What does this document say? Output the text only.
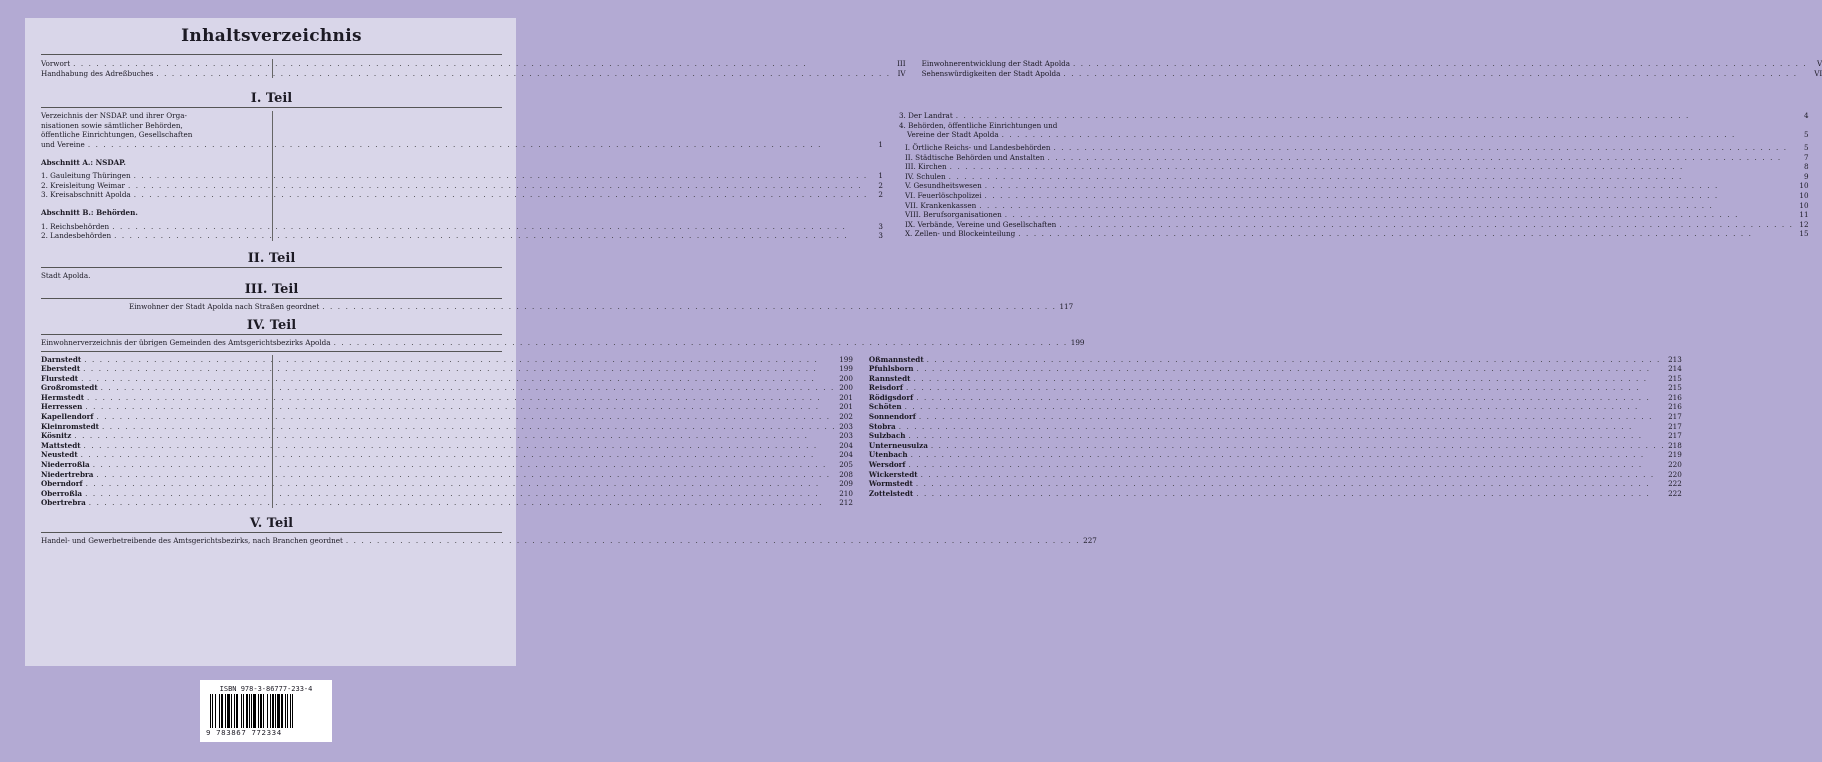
Inhaltsverzeichnis
Vorwort . . .	III
Handhabung des Adreßbuches . . .	IV
Einwohnerentwicklung der Stadt Apolda . . .	V
Sehenswürdigkeiten der Stadt Apolda . . .	VI
I. Teil
Verzeichnis der NSDAP. und ihrer Orga-
nisationen sowie sämtlicher Behörden,
öffentliche Einrichtungen, Gesellschaften
und Vereine . . .	1
Abschnitt A.: NSDAP.
1. Gauleitung Thüringen . . .	1
2. Kreisleitung Weimar . . .	2
3. Kreisabschnitt Apolda . . .	2
Abschnitt B.: Behörden.
1. Reichsbehörden . . .	3
2. Landesbehörden . . .	3
3. Der Landrat . . .	4
4. Behörden, öffentliche Einrichtungen und
Vereine der Stadt Apolda . . .	5
I. Örtliche Reichs- und Landesbehörden . . .	5
II. Städtische Behörden und Anstalten . . .	7
III. Kirchen . . .	8
IV. Schulen . . .	9
V. Gesundheitswesen . . .	10
VI. Feuerlöschpolizei . . .	10
VII. Krankenkassen . . .	10
VIII. Berufsorganisationen . . .	11
IX. Verbände, Vereine und Gesellschaften . . .	12
X. Zellen- und Blockeinteilung . . .	15
II. Teil
Stadt Apolda.
III. Teil
Einwohner der Stadt Apolda nach Straßen geordnet . . .	117
IV. Teil
Einwohnerverzeichnis der übrigen Gemeinden des Amtsgerichtsbezirks Apolda . . .	199
Darnstedt . . .	199
Eberstedt . . .	199
Flurstedt . . .	200
Großromstedt . . .	200
Hermstedt . . .	201
Herressen . . .	201
Kapellendorf . . .	202
Kleinromstedt . . .	203
Kösnitz . . .	203
Mattstedt . . .	204
Neustedt . . .	204
Niederroßla . . .	205
Niedertrebra . . .	208
Oberndorf . . .	209
Oberroßla . . .	210
Obertrebra . . .	212
Oßmannstedt . . .	213
Pfuhlsborn . . .	214
Rannstedt . . .	215
Reisdorf . . .	215
Rödigsdorf . . .	216
Schöten . . .	216
Sonnendorf . . .	217
Stobra . . .	217
Sulzbach . . .	217
Unterneusulza . . .	218
Utenbach . . .	219
Wersdorf . . .	220
Wickerstedt . . .	220
Wormstedt . . .	222
Zottelstedt . . .	222
V. Teil
Handel- und Gewerbetreibende des Amtsgerichtsbezirks, nach Branchen geordnet . . .	227
ISBN 978-3-86777-233-4
9 783867 772334
